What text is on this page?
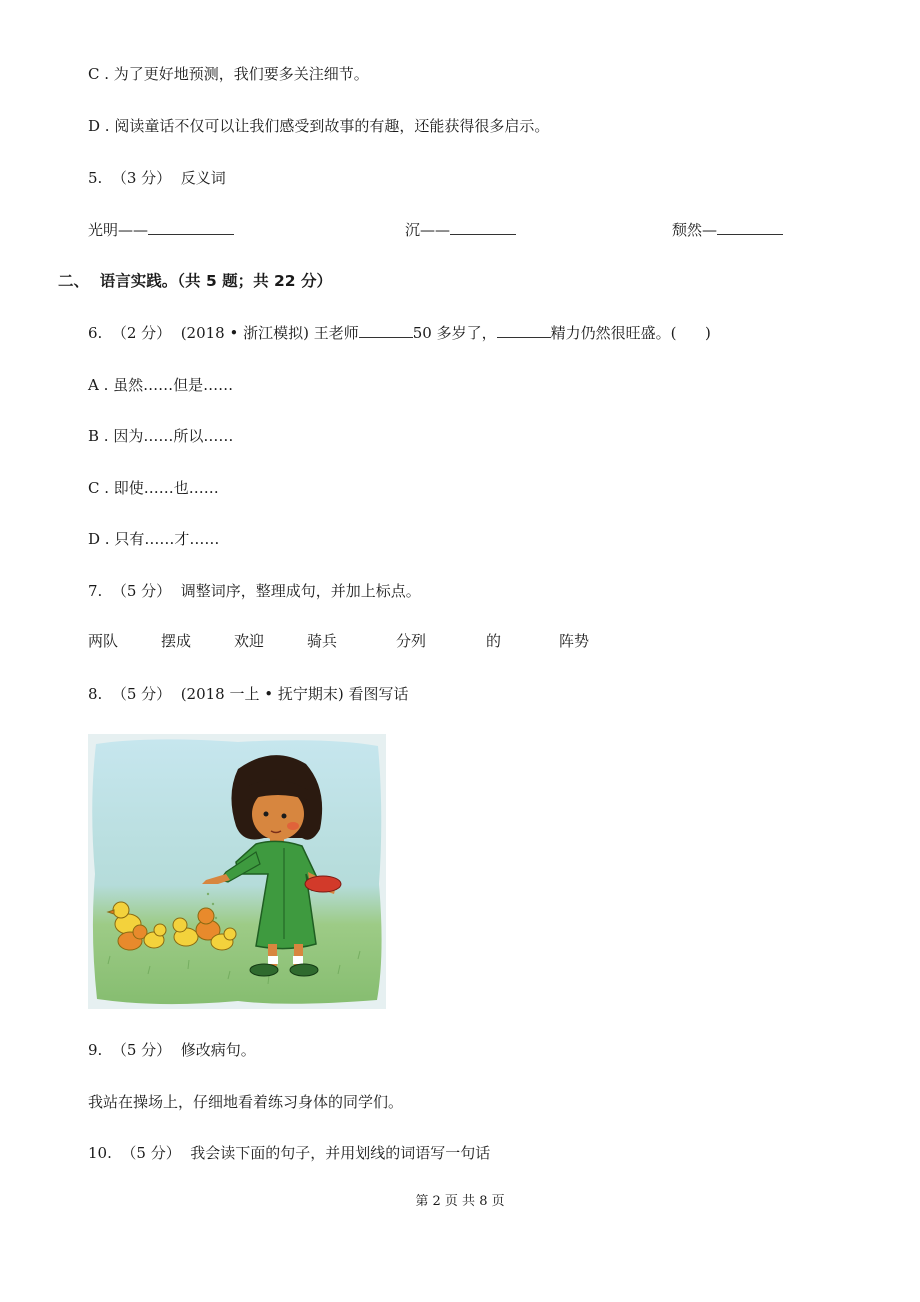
C . 为了更好地预测，我们要多关注细节。
D . 阅读童话不仅可以让我们感受到故事的有趣，还能获得很多启示。
5.  （3 分）  反义词
光明——	沉——	颓然—
二、  语言实践。（共 5 题；共 22 分）
6.  （2 分）  (2018 • 浙江模拟) 王老师	50 多岁了，	精力仍然很旺盛。(      )
A . 虽然……但是……
B . 因为……所以……
C . 即使……也……
D . 只有……才……
7.  （5 分）  调整词序，整理成句，并加上标点。
两队	摆成	欢迎	骑兵	分列	的	阵势
8.  （5 分）  (2018 一上 • 抚宁期末) 看图写话
9.  （5 分）  修改病句。
我站在操场上，仔细地看着练习身体的同学们。
10.  （5 分）  我会读下面的句子，并用划线的词语写一句话
第 2 页 共 8 页
